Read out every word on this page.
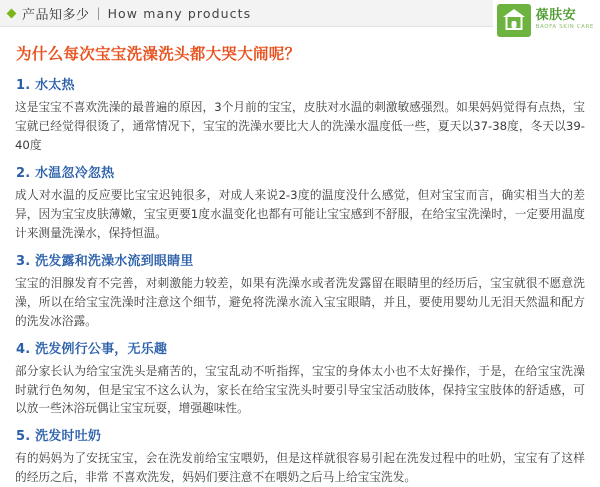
产品知多少 | How many products	葆肤安
BAOFA SKIN CARE
为什么每次宝宝洗澡洗头都大哭大闹呢？
1. 水太热

这是宝宝不喜欢洗澡的最普遍的原因，3个月前的宝宝，皮肤对水温的刺激敏感强烈。如果妈妈觉得有点热，宝宝就已经觉得很烫了，通常情况下，宝宝的洗澡水要比大人的洗澡水温度低一些，夏天以37-38度，冬天以39-40度

2. 水温忽冷忽热

成人对水温的反应要比宝宝迟钝很多，对成人来说2-3度的温度没什么感觉，但对宝宝而言，确实相当大的差异，因为宝宝皮肤薄嫩，宝宝更要1度水温变化也都有可能让宝宝感到不舒服，在给宝宝洗澡时，一定要用温度计来测量洗澡水，保持恒温。

3. 洗发露和洗澡水流到眼睛里

宝宝的泪腺发育不完善，对刺激能力较差，如果有洗澡水或者洗发露留在眼睛里的经历后，宝宝就很不愿意洗澡，所以在给宝宝洗澡时注意这个细节，避免将洗澡水流入宝宝眼睛，并且，要使用婴幼儿无泪天然温和配方的洗发冰浴露。

4. 洗发例行公事，无乐趣

部分家长认为给宝宝洗头是痛苦的，宝宝乱动不听指挥，宝宝的身体太小也不太好操作，于是，在给宝宝洗澡时就行色匆匆，但是宝宝不这么认为，家长在给宝宝洗头时要引导宝宝活动肢体，保持宝宝肢体的舒适感，可以放一些沐浴玩偶让宝宝玩耍，增强趣味性。

5. 洗发时吐奶

有的妈妈为了安抚宝宝，会在洗发前给宝宝喂奶，但是这样就很容易引起在洗发过程中的吐奶，宝宝有了这样的经历之后，非常 不喜欢洗发，妈妈们要注意不在喂奶之后马上给宝宝洗发。
